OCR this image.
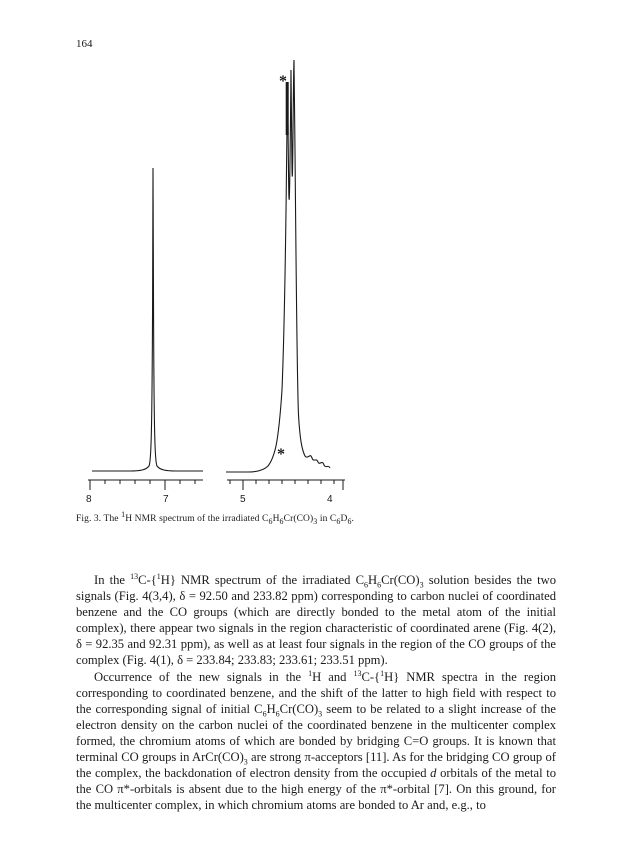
164
*
*
8	7	5	4
Fig. 3. The $^1$H NMR spectrum of the irradiated $C_6H_6Cr(CO)_3$ in $C_6D_6$.

In the $^{13}$C-{$^1$H} NMR spectrum of the irradiated $C_6H_6Cr(CO)_3$ solution besides the two signals (Fig. 4(3,4), δ = 92.50 and 233.82 ppm) corresponding to carbon nuclei of coordinated benzene and the CO groups (which are directly bonded to the metal atom of the initial complex), there appear two signals in the region characteristic of coordinated arene (Fig. 4(2), δ = 92.35 and 92.31 ppm), as well as at least four signals in the region of the CO groups of the complex (Fig. 4(1), δ = 233.84; 233.83; 233.61; 233.51 ppm).

Occurrence of the new signals in the $^1$H and $^{13}$C-{$^1$H} NMR spectra in the region corresponding to coordinated benzene, and the shift of the latter to high field with respect to the corresponding signal of initial $C_6H_6Cr(CO)_3$ seem to be related to a slight increase of the electron density on the carbon nuclei of the coordinated benzene in the multicenter complex formed, the chromium atoms of which are bonded by bridging C=O groups. It is known that terminal CO groups in $ArCr(CO)_3$ are strong π-acceptors [11]. As for the bridging CO group of the complex, the backdonation of electron density from the occupied d orbitals of the metal to the CO π*-orbitals is absent due to the high energy of the π*-orbital [7]. On this ground, for the multicenter complex, in which chromium atoms are bonded to Ar and, e.g., to
